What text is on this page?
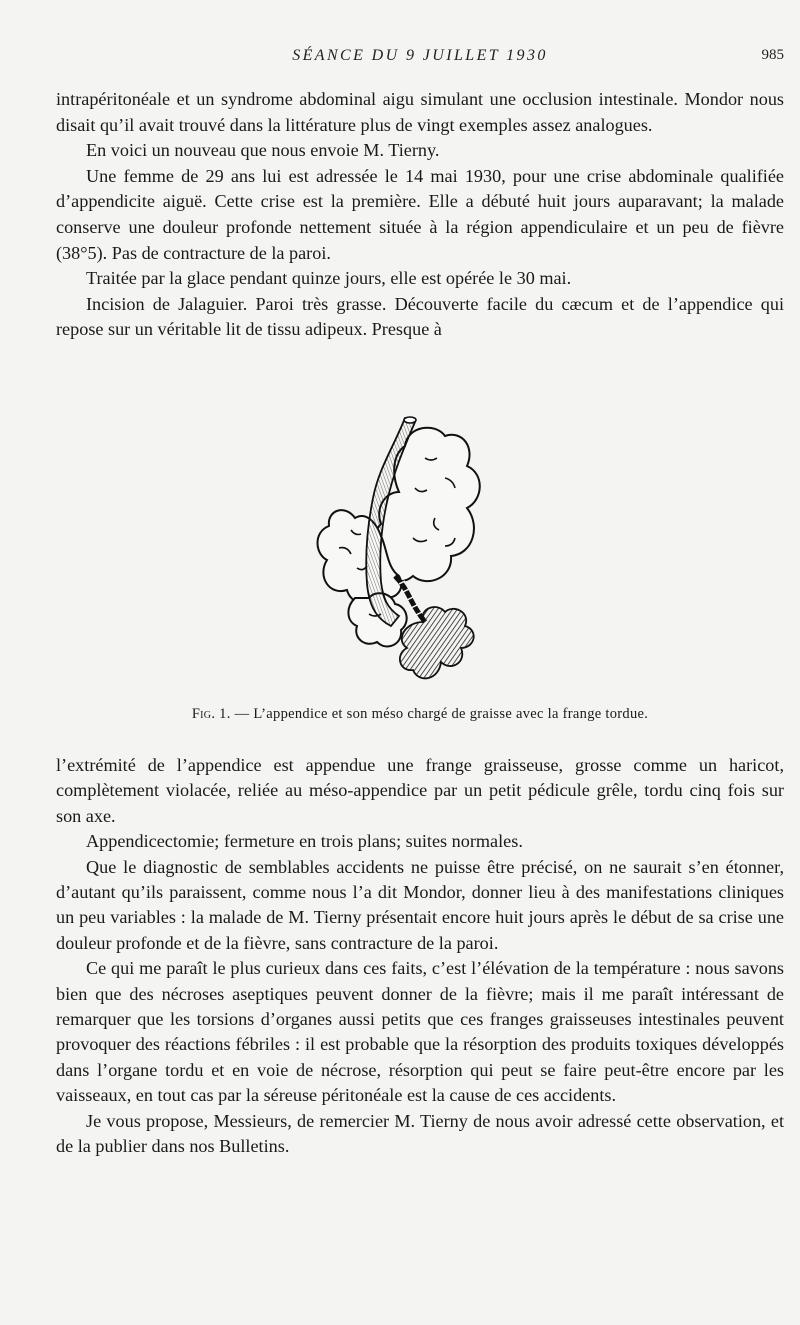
SÉANCE DU 9 JUILLET 1930	985

intrapéritonéale et un syndrome abdominal aigu simulant une occlusion intestinale. Mondor nous disait qu’il avait trouvé dans la littérature plus de vingt exemples assez analogues.

En voici un nouveau que nous envoie M. Tierny.

Une femme de 29 ans lui est adressée le 14 mai 1930, pour une crise abdominale qualifiée d’appendicite aiguë. Cette crise est la première. Elle a débuté huit jours auparavant; la malade conserve une douleur profonde nettement située à la région appendiculaire et un peu de fièvre (38°5). Pas de contracture de la paroi.

Traitée par la glace pendant quinze jours, elle est opérée le 30 mai.

Incision de Jalaguier. Paroi très grasse. Découverte facile du cæcum et de l’appendice qui repose sur un véritable lit de tissu adipeux. Presque à

Fig. 1. — L’appendice et son méso chargé de graisse avec la frange tordue.

l’extrémité de l’appendice est appendue une frange graisseuse, grosse comme un haricot, complètement violacée, reliée au méso-appendice par un petit pédicule grêle, tordu cinq fois sur son axe.

Appendicectomie; fermeture en trois plans; suites normales.

Que le diagnostic de semblables accidents ne puisse être précisé, on ne saurait s’en étonner, d’autant qu’ils paraissent, comme nous l’a dit Mondor, donner lieu à des manifestations cliniques un peu variables : la malade de M. Tierny présentait encore huit jours après le début de sa crise une douleur profonde et de la fièvre, sans contracture de la paroi.

Ce qui me paraît le plus curieux dans ces faits, c’est l’élévation de la température : nous savons bien que des nécroses aseptiques peuvent donner de la fièvre; mais il me paraît intéressant de remarquer que les torsions d’organes aussi petits que ces franges graisseuses intestinales peuvent provoquer des réactions fébriles : il est probable que la résorption des produits toxiques développés dans l’organe tordu et en voie de nécrose, résorption qui peut se faire peut-être encore par les vaisseaux, en tout cas par la séreuse péritonéale est la cause de ces accidents.

Je vous propose, Messieurs, de remercier M. Tierny de nous avoir adressé cette observation, et de la publier dans nos Bulletins.
